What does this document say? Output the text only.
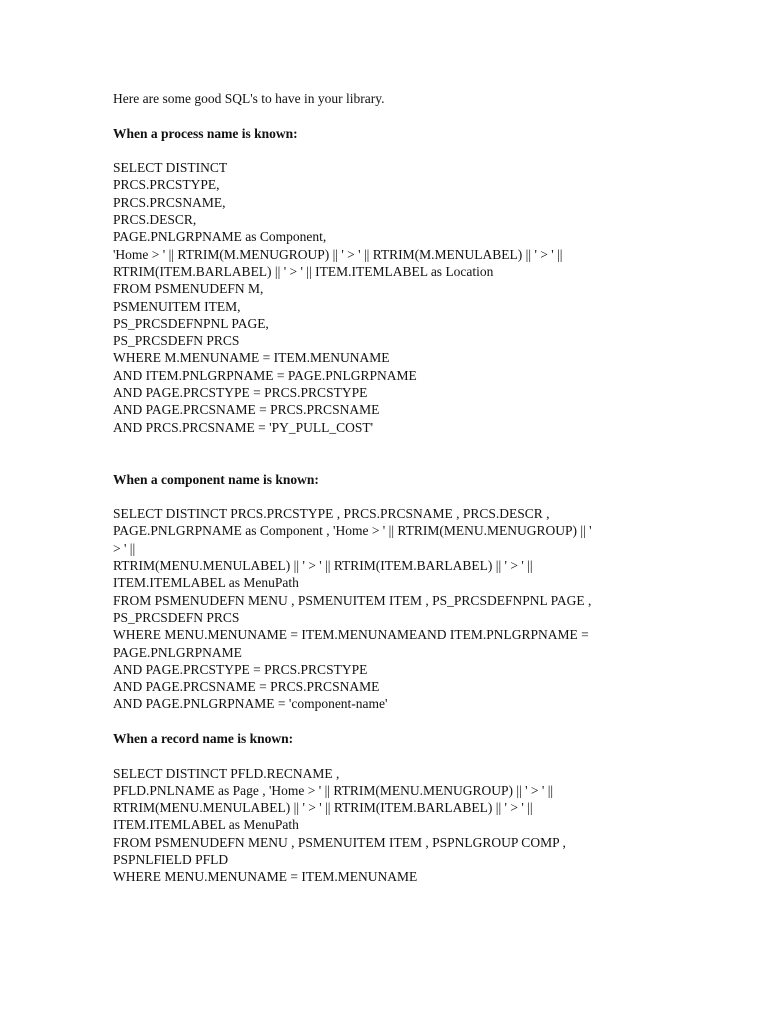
Here are some good SQL's to have in your library.
When a process name is known:
SELECT DISTINCT
PRCS.PRCSTYPE,
PRCS.PRCSNAME,
PRCS.DESCR,
PAGE.PNLGRPNAME as Component,
'Home > ' || RTRIM(M.MENUGROUP) || ' > ' || RTRIM(M.MENULABEL) || ' > ' ||
RTRIM(ITEM.BARLABEL) || ' > ' || ITEM.ITEMLABEL as Location
FROM PSMENUDEFN M,
PSMENUITEM ITEM,
PS_PRCSDEFNPNL PAGE,
PS_PRCSDEFN PRCS
WHERE M.MENUNAME = ITEM.MENUNAME
AND ITEM.PNLGRPNAME = PAGE.PNLGRPNAME
AND PAGE.PRCSTYPE = PRCS.PRCSTYPE
AND PAGE.PRCSNAME = PRCS.PRCSNAME
AND PRCS.PRCSNAME = 'PY_PULL_COST'
When a component name is known:
SELECT DISTINCT PRCS.PRCSTYPE , PRCS.PRCSNAME , PRCS.DESCR ,
PAGE.PNLGRPNAME as Component , 'Home > ' || RTRIM(MENU.MENUGROUP) || '
> ' ||
RTRIM(MENU.MENULABEL) || ' > ' || RTRIM(ITEM.BARLABEL) || ' > ' ||
ITEM.ITEMLABEL as MenuPath
FROM PSMENUDEFN MENU , PSMENUITEM ITEM , PS_PRCSDEFNPNL PAGE ,
PS_PRCSDEFN PRCS
WHERE MENU.MENUNAME = ITEM.MENUNAMEAND ITEM.PNLGRPNAME =
PAGE.PNLGRPNAME
AND PAGE.PRCSTYPE = PRCS.PRCSTYPE
AND PAGE.PRCSNAME = PRCS.PRCSNAME
AND PAGE.PNLGRPNAME = 'component-name'
When a record name is known:
SELECT DISTINCT PFLD.RECNAME ,
PFLD.PNLNAME as Page , 'Home > ' || RTRIM(MENU.MENUGROUP) || ' > ' ||
RTRIM(MENU.MENULABEL) || ' > ' || RTRIM(ITEM.BARLABEL) || ' > ' ||
ITEM.ITEMLABEL as MenuPath
FROM PSMENUDEFN MENU , PSMENUITEM ITEM , PSPNLGROUP COMP ,
PSPNLFIELD PFLD
WHERE MENU.MENUNAME = ITEM.MENUNAME
